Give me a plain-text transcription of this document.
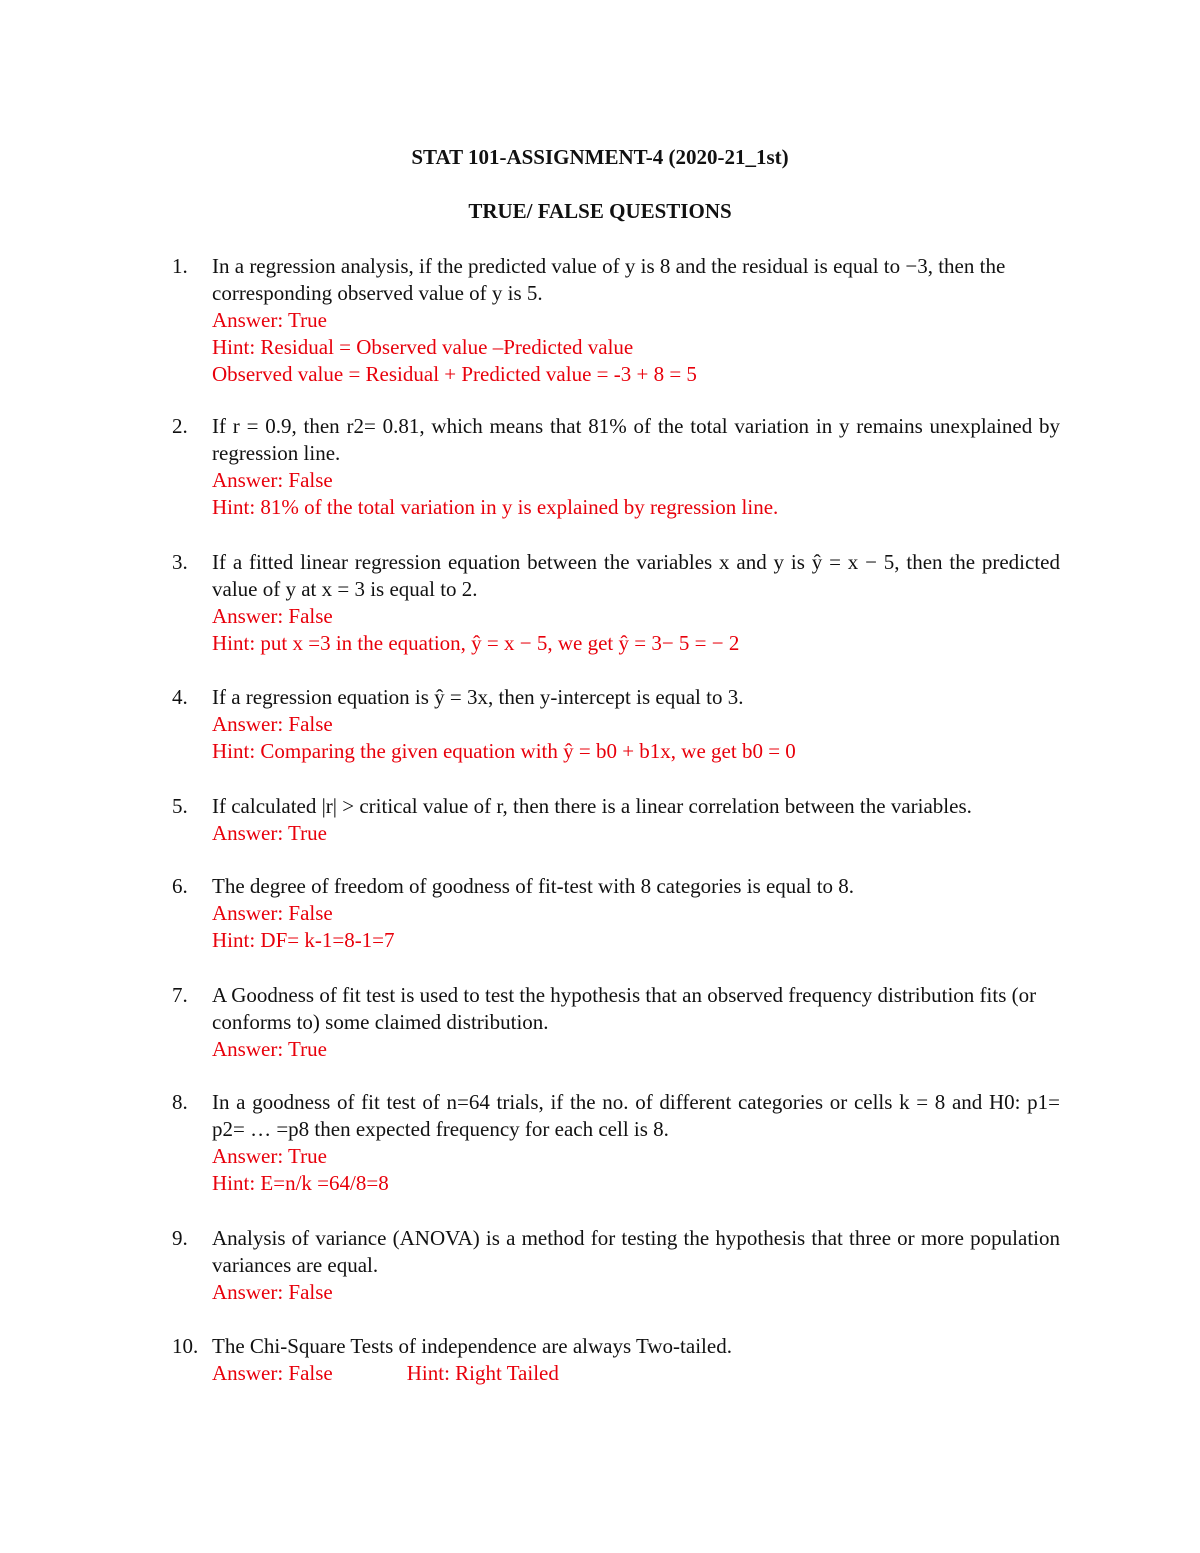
STAT 101-ASSIGNMENT-4 (2020-21_1st)
TRUE/ FALSE QUESTIONS
1.	In a regression analysis, if the predicted value of y is 8 and the residual is equal to −3, then the corresponding observed value of y is 5.
Answer: True
Hint: Residual = Observed value –Predicted value
Observed value = Residual + Predicted value = -3 + 8 = 5
2.	If r = 0.9, then r2= 0.81, which means that 81% of the total variation in y remains unexplained by regression line.
Answer: False
Hint: 81% of the total variation in y is explained by regression line.
3.	If a fitted linear regression equation between the variables x and y is ŷ = x − 5, then the predicted value of y at x = 3 is equal to 2.
Answer: False
Hint: put x =3 in the equation, ŷ = x − 5, we get ŷ = 3− 5 = − 2
4.	If a regression equation is ŷ = 3x, then y-intercept is equal to 3.
Answer: False
Hint: Comparing the given equation with ŷ = b0 + b1x, we get b0 = 0
5.	If calculated |r| > critical value of r, then there is a linear correlation between the variables.
Answer: True
6.	The degree of freedom of goodness of fit-test with 8 categories is equal to 8.
Answer: False
Hint: DF= k-1=8-1=7
7.	A Goodness of fit test is used to test the hypothesis that an observed frequency distribution fits (or conforms to) some claimed distribution.
Answer: True
8.	In a goodness of fit test of n=64 trials, if the no. of different categories or cells k = 8 and H0: p1= p2= … =p8 then expected frequency for each cell is 8.
Answer: True
Hint: E=n/k =64/8=8
9.	Analysis of variance (ANOVA) is a method for testing the hypothesis that three or more population variances are equal.
Answer: False
10. The Chi-Square Tests of independence are always Two-tailed.
Answer: False	Hint: Right Tailed
